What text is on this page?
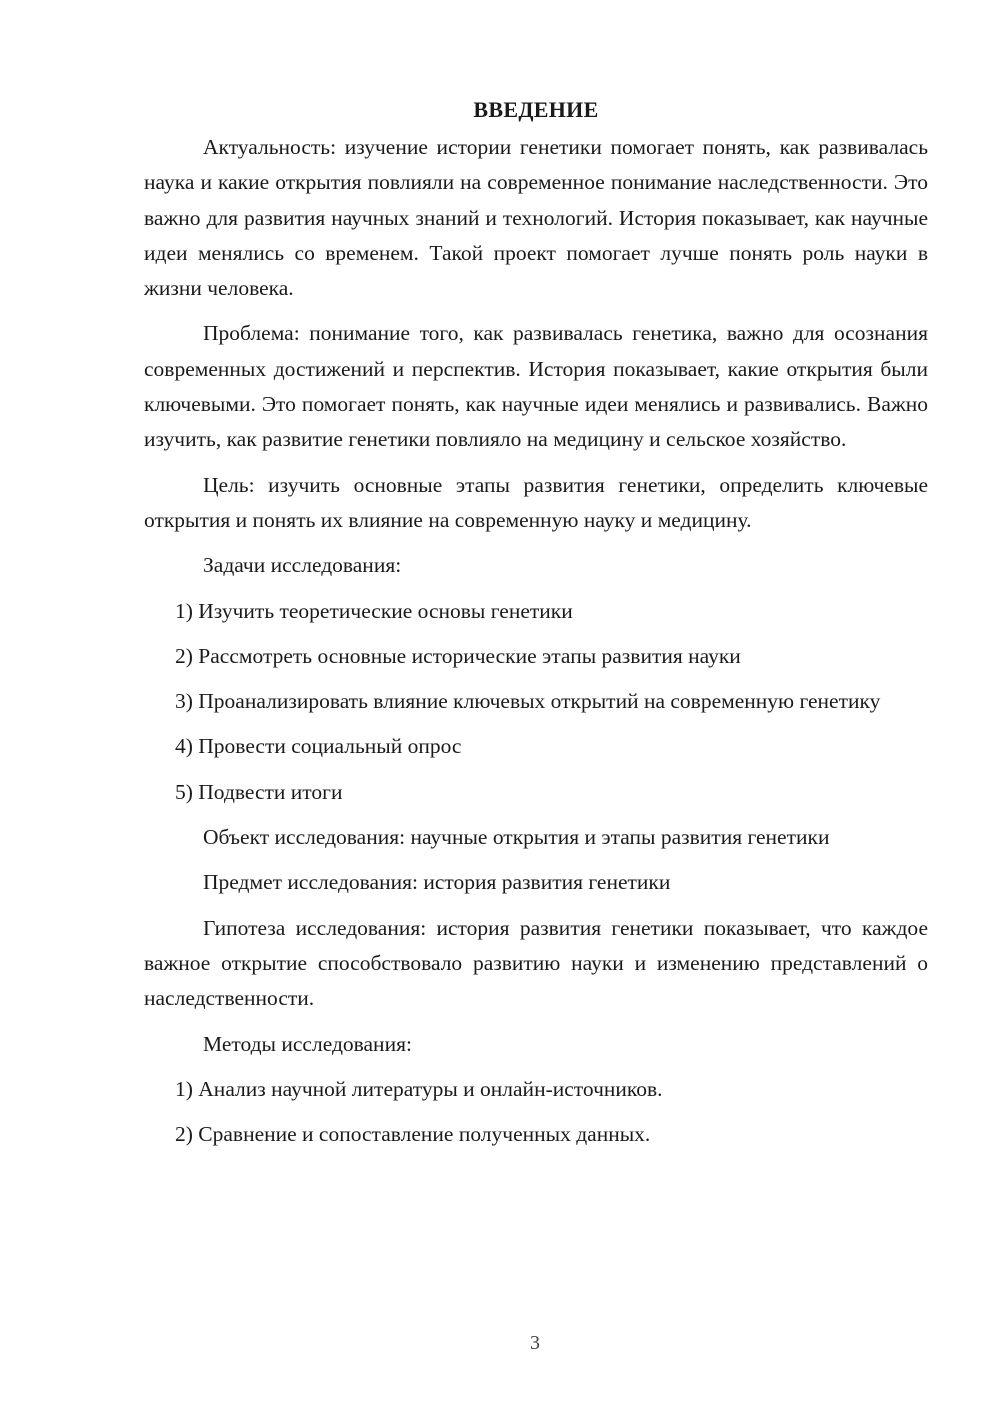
ВВЕДЕНИЕ

Актуальность: изучение истории генетики помогает понять, как развивалась наука и какие открытия повлияли на современное понимание наследственности. Это важно для развития научных знаний и технологий. История показывает, как научные идеи менялись со временем. Такой проект помогает лучше понять роль науки в жизни человека.

Проблема: понимание того, как развивалась генетика, важно для осознания современных достижений и перспектив. История показывает, какие открытия были ключевыми. Это помогает понять, как научные идеи менялись и развивались. Важно изучить, как развитие генетики повлияло на медицину и сельское хозяйство.

Цель: изучить основные этапы развития генетики, определить ключевые открытия и понять их влияние на современную науку и медицину.

Задачи исследования:

1) Изучить теоретические основы генетики

2) Рассмотреть основные исторические этапы развития науки

3) Проанализировать влияние ключевых открытий на современную генетику

4) Провести социальный опрос

5) Подвести итоги

Объект исследования: научные открытия и этапы развития генетики

Предмет исследования: история развития генетики

Гипотеза исследования: история развития генетики показывает, что каждое важное открытие способствовало развитию науки и изменению представлений о наследственности.

Методы исследования:

1) Анализ научной литературы и онлайн-источников.

2) Сравнение и сопоставление полученных данных.

3
